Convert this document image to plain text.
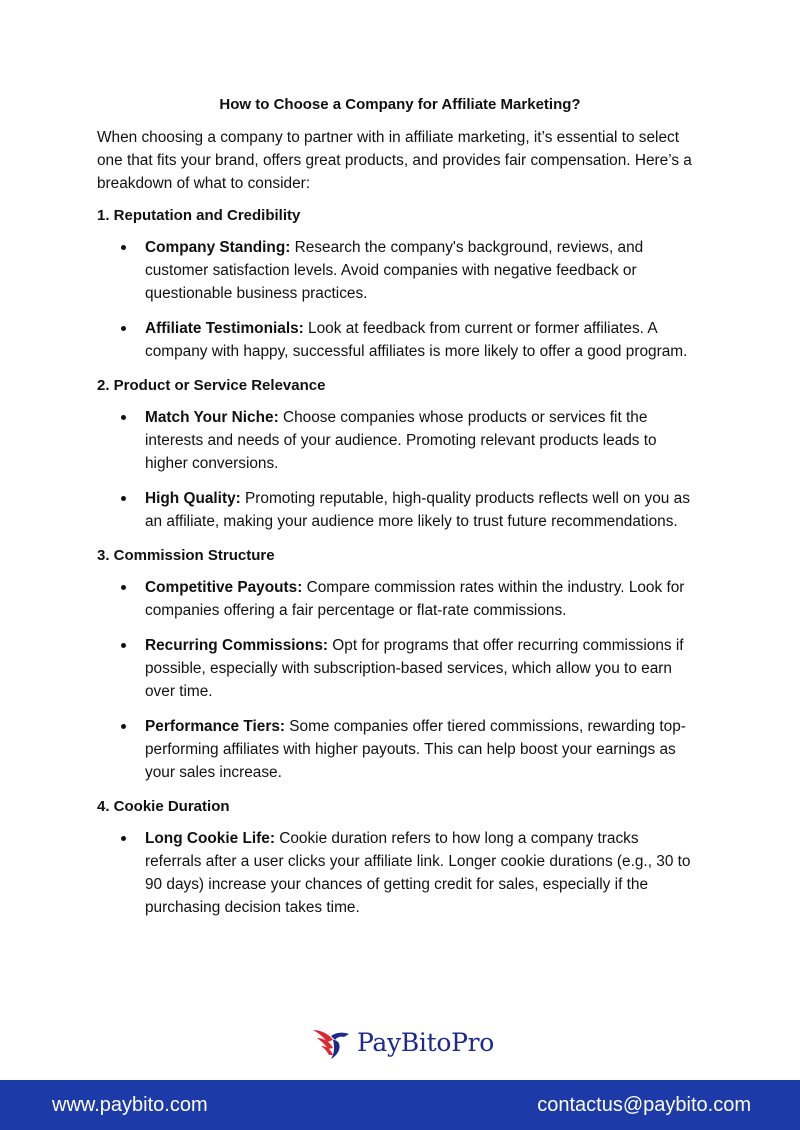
How to Choose a Company for Affiliate Marketing?

When choosing a company to partner with in affiliate marketing, it’s essential to select one that fits your brand, offers great products, and provides fair compensation. Here’s a breakdown of what to consider:

1. Reputation and Credibility
Company Standing: Research the company's background, reviews, and customer satisfaction levels. Avoid companies with negative feedback or questionable business practices.
Affiliate Testimonials: Look at feedback from current or former affiliates. A company with happy, successful affiliates is more likely to offer a good program.
2. Product or Service Relevance
Match Your Niche: Choose companies whose products or services fit the interests and needs of your audience. Promoting relevant products leads to higher conversions.
High Quality: Promoting reputable, high-quality products reflects well on you as an affiliate, making your audience more likely to trust future recommendations.
3. Commission Structure
Competitive Payouts: Compare commission rates within the industry. Look for companies offering a fair percentage or flat-rate commissions.
Recurring Commissions: Opt for programs that offer recurring commissions if possible, especially with subscription-based services, which allow you to earn over time.
Performance Tiers: Some companies offer tiered commissions, rewarding top-performing affiliates with higher payouts. This can help boost your earnings as your sales increase.
4. Cookie Duration
Long Cookie Life: Cookie duration refers to how long a company tracks referrals after a user clicks your affiliate link. Longer cookie durations (e.g., 30 to 90 days) increase your chances of getting credit for sales, especially if the purchasing decision takes time.
PayBitoPro
www.paybito.com	contactus@paybito.com
